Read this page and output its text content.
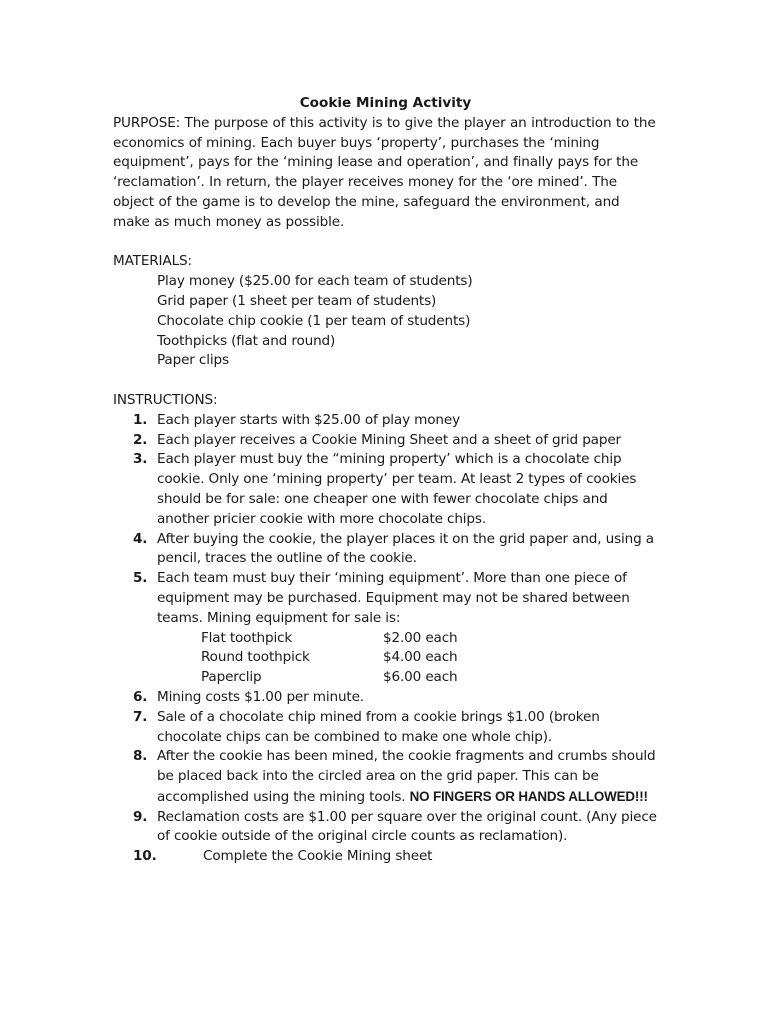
Cookie Mining Activity

PURPOSE: The purpose of this activity is to give the player an introduction to the economics of mining. Each buyer buys ‘property’, purchases the ‘mining equipment’, pays for the ‘mining lease and operation’, and finally pays for the ‘reclamation’. In return, the player receives money for the ‘ore mined’. The object of the game is to develop the mine, safeguard the environment, and make as much money as possible.

MATERIALS:

Play money ($25.00 for each team of students)
Grid paper (1 sheet per team of students)
Chocolate chip cookie (1 per team of students)
Toothpicks (flat and round)
Paper clips

INSTRUCTIONS:

1. Each player starts with $25.00 of play money
2. Each player receives a Cookie Mining Sheet and a sheet of grid paper
3. Each player must buy the “mining property’ which is a chocolate chip cookie. Only one ‘mining property’ per team. At least 2 types of cookies should be for sale: one cheaper one with fewer chocolate chips and another pricier cookie with more chocolate chips.
4. After buying the cookie, the player places it on the grid paper and, using a pencil, traces the outline of the cookie.
5. Each team must buy their ‘mining equipment’. More than one piece of equipment may be purchased. Equipment may not be shared between teams. Mining equipment for sale is:
Flat toothpick	$2.00 each
Round toothpick	$4.00 each
Paperclip	$6.00 each
6. Mining costs $1.00 per minute.
7. Sale of a chocolate chip mined from a cookie brings $1.00 (broken chocolate chips can be combined to make one whole chip).
8. After the cookie has been mined, the cookie fragments and crumbs should be placed back into the circled area on the grid paper. This can be accomplished using the mining tools. NO FINGERS OR HANDS ALLOWED!!!
9. Reclamation costs are $1.00 per square over the original count. (Any piece of cookie outside of the original circle counts as reclamation).
10.	Complete the Cookie Mining sheet
